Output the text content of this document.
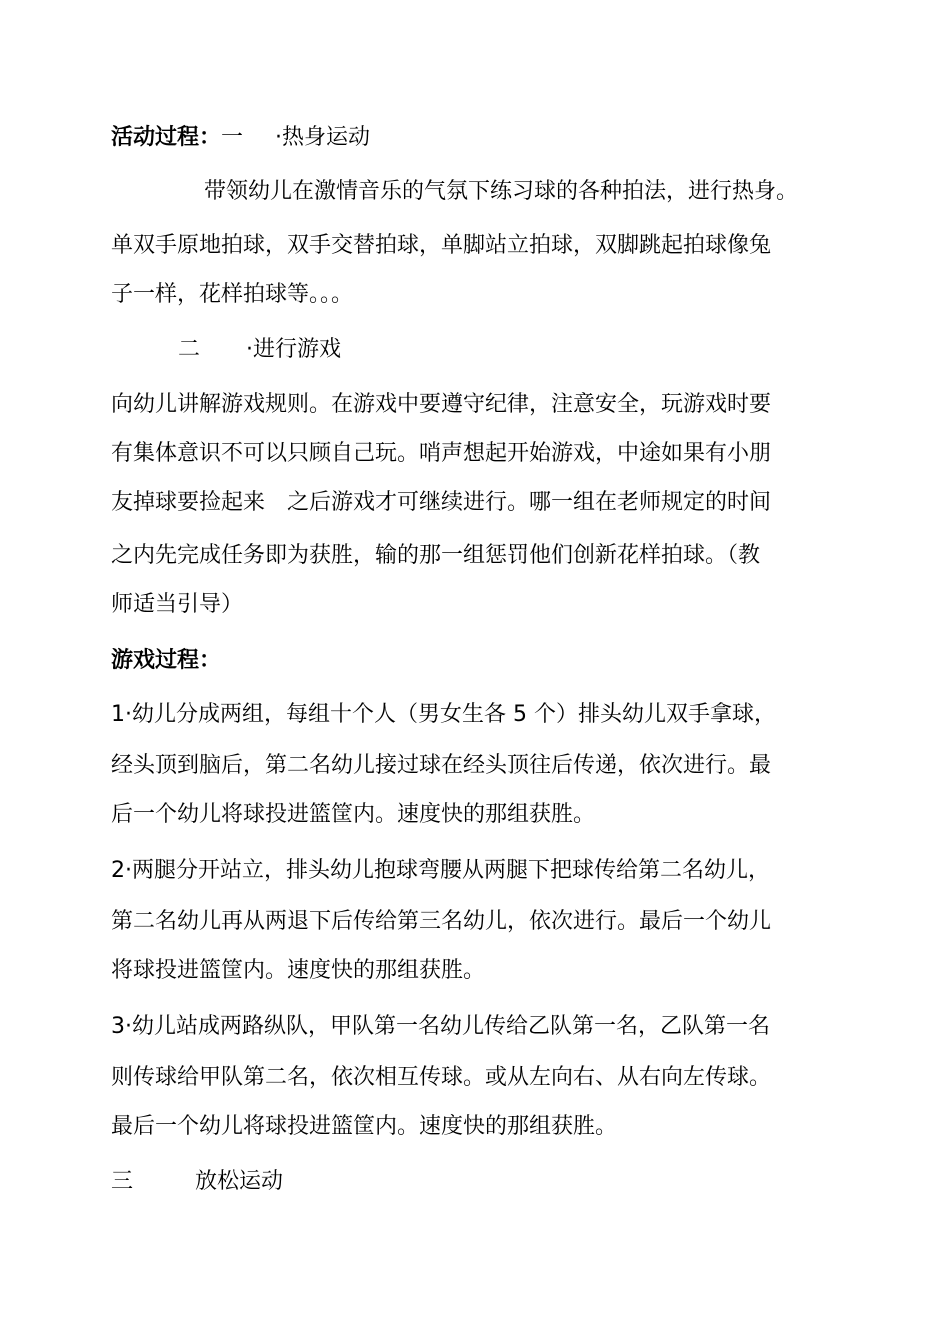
活动过程：一 ·热身运动
带领幼儿在激情音乐的气氛下练习球的各种拍法，进行热身。
单双手原地拍球，双手交替拍球，单脚站立拍球，双脚跳起拍球像兔
子一样，花样拍球等。。。
二 ·进行游戏
向幼儿讲解游戏规则。在游戏中要遵守纪律，注意安全，玩游戏时要
有集体意识不可以只顾自己玩。哨声想起开始游戏，中途如果有小朋
友掉球要捡起来 之后游戏才可继续进行。哪一组在老师规定的时间
之内先完成任务即为获胜，输的那一组惩罚他们创新花样拍球。（教
师适当引导）
游戏过程：
1·幼儿分成两组，每组十个人（男女生各 5 个）排头幼儿双手拿球，
经头顶到脑后，第二名幼儿接过球在经头顶往后传递，依次进行。最
后一个幼儿将球投进篮筐内。速度快的那组获胜。
2·两腿分开站立，排头幼儿抱球弯腰从两腿下把球传给第二名幼儿，
第二名幼儿再从两退下后传给第三名幼儿，依次进行。最后一个幼儿
将球投进篮筐内。速度快的那组获胜。
3·幼儿站成两路纵队，甲队第一名幼儿传给乙队第一名，乙队第一名
则传球给甲队第二名，依次相互传球。或从左向右、从右向左传球。
最后一个幼儿将球投进篮筐内。速度快的那组获胜。
三	放松运动
